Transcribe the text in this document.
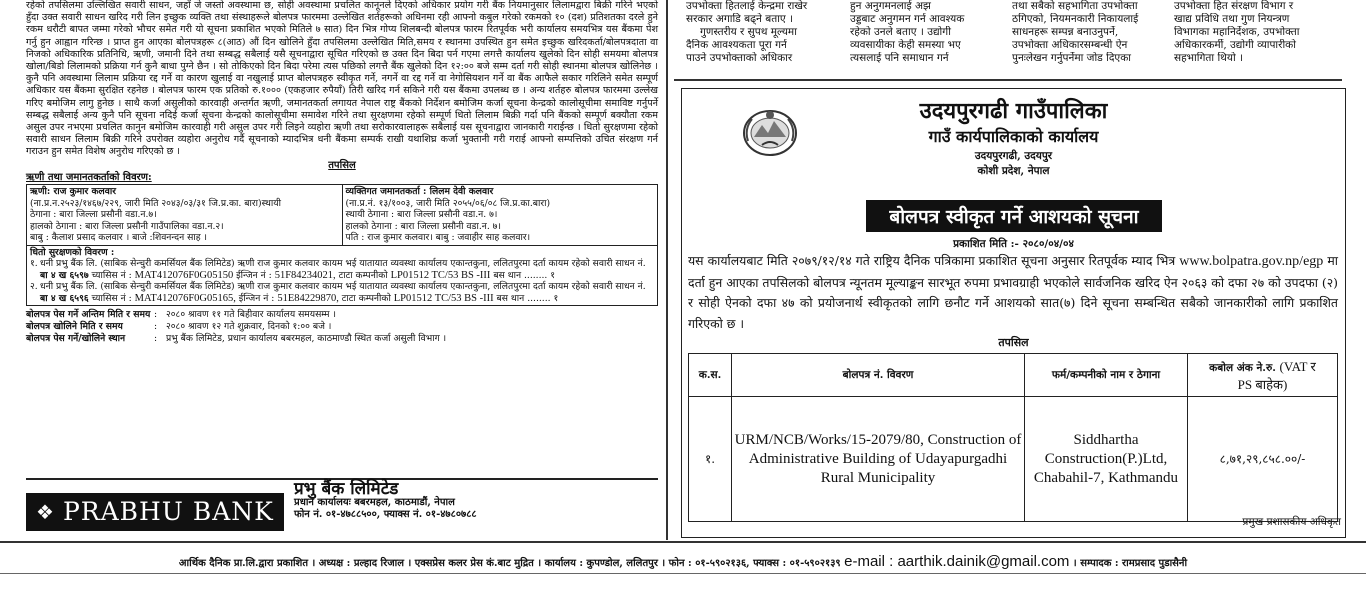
रहेको तपसिलमा उल्लिखित सवारी साधन, जहाँ जे जस्तो अवस्थामा छ, सोही अवस्थामा प्रचलित कानूनले दिएको अधिकार प्रयोग गरी बैंक नियमानुसार लिलामद्वारा बिक्री गरिने भएको हुँदा उक्त सवारी साधन खरिद गरी लिन इच्छुक व्यक्ति तथा संस्थाहरूले बोलपत्र फारममा उल्लेखित शर्तहरूको अधिनमा रही आफ्नो कबुल गरेको रकमको १० (दश) प्रतिशतका दरले हुने रकम धरौटी बापत जम्मा गरेको भौचर समेत गरी यो सूचना प्रकाशित भएको मितिले ७ सात) दिन भित्र गोप्य शिलबन्दी बोलपत्र फारम रितपूर्वक भरी कार्यालय समयभित्र यस बैंकमा पेश गर्नु हुन आह्वान गरिन्छ । प्राप्त हुन आएका बोलपत्रहरू ८(आठ) औं दिन खोलिने हुँदा तपसिलमा उल्लेखित मिति,समय र स्थानमा उपस्थित हुन समेत इच्छुक खरिदकर्ता/बोलपत्रदाता वा निजको अधिकारिक प्रतिनिधि, ऋणी, जमानी दिने तथा सम्बद्ध सबैलाई यसै सूचनाद्वारा सूचित गरिएको छ उक्त दिन बिदा पर्न गएमा लगत्तै कार्यालय खुलेको दिन सोही समयमा बोलपत्र खोला/बिडो लिलामको प्रक्रिया गर्न कुनै बाधा पुग्ने छैन । सो तोकिएको दिन बिदा परेमा त्यस पछिको लगत्तै बैंक खुलेको दिन १२:०० बजे सम्म दर्ता गरी सोही स्थानमा बोलपत्र खोलिनेछ । कुनै पनि अवस्थामा लिलाम प्रक्रिया रद्द गर्ने वा कारण खुलाई वा नखुलाई प्राप्त बोलपत्रहरु स्वीकृत गर्ने, नगर्ने वा रद्द गर्ने वा नेगोसियशन गर्ने वा बैंक आफैले सकार गरिलिने समेत सम्पूर्ण अधिकार यस बैंकमा सुरक्षित रहनेछ । बोलपत्र फारम एक प्रतिको रु.१००० (एकहजार रुपैयाँ) तिरी खरिद गर्न सकिने गरी यस बैंकमा उपलब्ध छ । अन्य शर्तहरु बोलपत्र फारममा उल्लेख गरिए बमोजिम लागु हुनेछ । साथै कर्जा असुलीको कारवाही अन्तर्गत ऋणी, जमानतकर्ता लगायत नेपाल राष्ट्र बैंकको निर्देशन बमोजिम कर्जा सूचना केन्द्रको कालोसूचीमा समाविष्ट गर्नुपर्ने सम्बद्ध सबैलाई अन्य कुनै पनि सूचना नदिई कर्जा सूचना केन्द्रको कालोसूचीमा समावेश गरिने तथा सुरक्षणमा रहेको सम्पूर्ण धितो लिलाम बिक्री गर्दा पनि बैंकको सम्पूर्ण बक्यौता रकम असुल उपर नभएमा प्रचलित कानुन बमोजिम कारवाही गरी असुल उपर गरी लिइने व्यहोरा ऋणी तथा सरोकारवालाहरू सबैलाई यस सूचनाद्वारा जानकारी गराईन्छ । धितो सुरक्षणमा रहेको सवारी साधन लिलाम बिक्री गरिने उपरोक्त व्यहोरा अनुरोध गर्दै सूचनाको म्यादभित्र धनी बैंकमा सम्पर्क राखी यथाशिघ्र कर्जा भुक्तानी गरी गराई आफ्नो सम्पत्तिको उचित संरक्षण गर्न गराउन हुन समेत विशेष अनुरोध गरिएको छ ।

तपसिल
ऋणी तथा जमानतकर्ताको विवरण:
ऋणी: राज कुमार कलवार
(ना.प्र.न.२५२३/१४६७/२२९, जारी मिति २०४३/०३/३१ जि.प्र.का. बारा)स्थायी
ठेगाना : बारा जिल्ला प्रसौनी वडा.न.७।
हालको ठेगाना : बारा जिल्ला प्रसौनी गाउँपालिका वडा.न.२।
बाबु : कैलाश प्रसाद कलवार । बाजे :शिवनन्दन साह ।

व्यक्तिगत जमानतकर्ता : लिलम देवी कलवार
(ना.प्र.नं. १३/१००३, जारी मिति २०५५/०६/०८ जि.प्र.का.बारा)
स्थायी ठेगाना : बारा जिल्ला प्रसौनी वडा.न. ७।
हालको ठेगाना : बारा जिल्ला प्रसौनी वडा.न. ७।
पति : राज कुमार कलवार। बाबु : जवाहीर साह कलवार।
धितो सुरक्षणको विवरण :
१. धनी प्रभु बैंक लि. (साबिक सेन्चुरी कमर्सियल बैंक लिमिटेड) ऋणी राज कुमार कलवार कायम भई यातायात व्यवस्था कार्यालय एकान्तकुना, ललितपुरमा दर्ता कायम रहेको सवारी साधन नं. बा ४ ख ६५९७ च्यासिस नं : MAT412076F0G05150 ईन्जिन नं : 51F84234021, टाटा कम्पनीको LP01512 TC/53 BS -III बस थान ........ १
२. धनी प्रभु बैंक लि. (साबिक सेन्चुरी कमर्सियल बैंक लिमिटेड) ऋणी राज कुमार कलवार कायम भई यातायात व्यवस्था कार्यालय एकान्तकुना, ललितपुरमा दर्ता कायम रहेको सवारी साधन नं. बा ४ ख ६५९६ च्यासिस नं : MAT412076F0G05165, ईन्जिन नं : 51E84229870, टाटा कम्पनीको LP01512 TC/53 BS -III बस थान ........ १
बोलपत्र पेस गर्ने अन्तिम मिति र समय : २०८० श्रावण ११ गते बिहीवार कार्यालय समयसम्म ।
बोलपत्र खोलिने मिति र समय	: २०८० श्रावण १२ गते शुक्रवार, दिनको १:०० बजे ।
बोलपत्र पेस गर्ने/खोलिने स्थान	: प्रभु बैंक लिमिटेड, प्रधान कार्यालय बबरमहल, काठमाण्डौ स्थित कर्जा असुली विभाग ।
❖ PRABHU BANK
प्रभु बैंक लिमिटेड
प्रधान कार्यालयः बबरमहल, काठमाडौं, नेपाल
फोन नं. ०१-४७८८५००, फ्याक्स नं. ०१-४७८०७८८
उपभोक्ता हितलाई केन्द्रमा राखेर
सरकार अगाडि बढ्ने बताए ।
गुणस्तरीय र सुपथ मूल्यमा
दैनिक आवश्यकता पूरा गर्न
पाउने उपभोक्ताको अधिकार
हुन अनुगमनलाई अझ
उड्डबाट अनुगमन गर्न आवश्यक
रहेको उनले बताए । उद्योगी
व्यवसायीका केही समस्या भए
त्यसलाई पनि समाधान गर्न
तथा सबैको सहभागिता उपभोक्ता
ठगिएको, नियमनकारी निकायलाई
साधनहरू सम्पन्न बनाउनुपर्ने,
उपभोक्ता अधिकारसम्बन्धी ऐन
पुनःलेखन गर्नुपर्नेमा जोड दिएका
उपभोक्ता हित संरक्षण विभाग र
खाद्य प्रविधि तथा गुण नियन्त्रण
विभागका महानिर्देशक, उपभोक्ता
अधिकारकर्मी, उद्योगी व्यापारीको
सहभागिता थियो ।
उदयपुरगढी गाउँपालिका
गाउँ कार्यपालिकाको कार्यालय
उदयपुरगढी, उदयपुर
कोशी प्रदेश, नेपाल
बोलपत्र स्वीकृत गर्ने आशयको सूचना
प्रकाशित मिति :- २०८०/०४/०४
यस कार्यालयबाट मिति २०७९/१२/१४ गते राष्ट्रिय दैनिक पत्रिकामा प्रकाशित सूचना अनुसार रितपूर्वक म्याद भित्र www.bolpatra.gov.np/egp मा दर्ता हुन आएका तपसिलको बोलपत्र न्यूनतम मूल्याङ्कन सारभूत रुपमा प्रभावग्राही भएकोले सार्वजनिक खरिद ऐन २०६३ को दफा २७ को उपदफा (२) र सोही ऐनको दफा ४७ को प्रयोजनार्थ स्वीकृतको लागि छनौट गर्ने आशयको सात(७) दिने सूचना सम्बन्धित सबैको जानकारीको लागि प्रकाशित गरिएको छ ।
तपसिल
क.स.	बोलपत्र नं. विवरण	फर्म/कम्पनीको नाम र ठेगाना	कबोल अंक ने.रु. (VAT र
PS बाहेक)
१.	URM/NCB/Works/15-2079/80, Construction of Administrative Building of Udayapurgadhi Rural Municipality	Siddhartha Construction(P.)Ltd, Chabahil-7, Kathmandu	८,७१,२९,८५८.००/-
प्रमुख प्रशासकीय अधिकृत
आर्थिक दैनिक प्रा.लि.द्वारा प्रकाशित । अध्यक्ष : प्रल्हाद रिजाल । एक्सप्रेस कलर प्रेस कं.बाट मुद्रित । कार्यालय : कुपण्डोल, ललितपुर । फोन : ०१-५९०२१३६, फ्याक्स : ०१-५९०२१३९ e-mail : aarthik.dainik@gmail.com । सम्पादक : रामप्रसाद पुडासैनी
